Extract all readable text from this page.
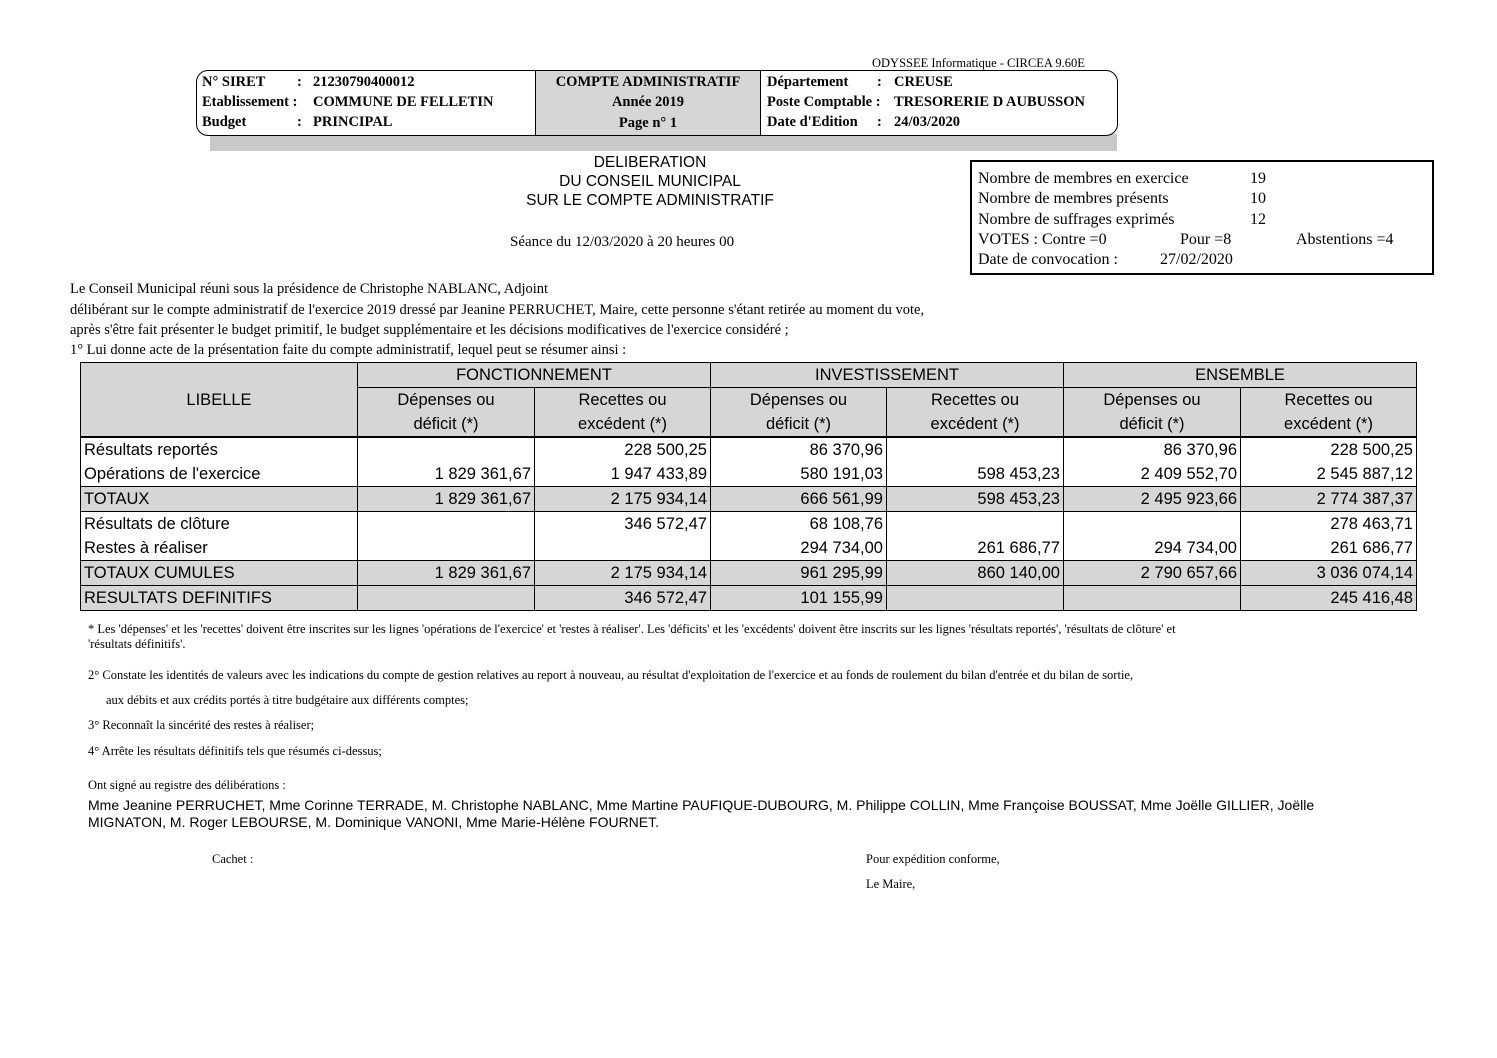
ODYSSEE Informatique - CIRCEA 9.60E
N° SIRET : 21230790400012
Etablissement : COMMUNE DE FELLETIN
Budget	: PRINCIPAL
COMPTE ADMINISTRATIF
Année 2019
Page n° 1
Département : CREUSE
Poste Comptable : TRESORERIE D AUBUSSON
Date d'Edition : 24/03/2020
DELIBERATION
DU CONSEIL MUNICIPAL
SUR LE COMPTE ADMINISTRATIF
Séance du 12/03/2020 à 20 heures 00
Nombre de membres en exercice	19
Nombre de membres présents	10
Nombre de suffrages exprimés	12
VOTES : Contre =0	Pour =8	Abstentions =4
Date de convocation :	27/02/2020
Le Conseil Municipal réuni sous la présidence de Christophe NABLANC, Adjoint
délibérant sur le compte administratif de l'exercice 2019 dressé par Jeanine PERRUCHET, Maire, cette personne s'étant retirée au moment du vote,
après s'être fait présenter le budget primitif, le budget supplémentaire et les décisions modificatives de l'exercice considéré ;
1° Lui donne acte de la présentation faite du compte administratif, lequel peut se résumer ainsi :
LIBELLE	FONCTIONNEMENT		INVESTISSEMENT		ENSEMBLE	
	Dépenses ou	Recettes ou	Dépenses ou	Recettes ou	Dépenses ou	Recettes ou
	déficit (*)	excédent (*)	déficit (*)	excédent (*)	déficit (*)	excédent (*)
Résultats reportés		228 500,25	86 370,96		86 370,96	228 500,25
Opérations de l'exercice	1 829 361,67	1 947 433,89	580 191,03	598 453,23	2 409 552,70	2 545 887,12
TOTAUX	1 829 361,67	2 175 934,14	666 561,99	598 453,23	2 495 923,66	2 774 387,37
Résultats de clôture		346 572,47	68 108,76			278 463,71
Restes à réaliser			294 734,00	261 686,77	294 734,00	261 686,77
TOTAUX CUMULES	1 829 361,67	2 175 934,14	961 295,99	860 140,00	2 790 657,66	3 036 074,14
RESULTATS DEFINITIFS		346 572,47	101 155,99			245 416,48
* Les 'dépenses' et les 'recettes' doivent être inscrites sur les lignes 'opérations de l'exercice' et 'restes à réaliser'. Les 'déficits' et les 'excédents' doivent être inscrits sur les lignes 'résultats reportés', 'résultats de clôture' et
'résultats définitifs'.
2° Constate les identités de valeurs avec les indications du compte de gestion relatives au report à nouveau, au résultat d'exploitation de l'exercice et au fonds de roulement du bilan d'entrée et du bilan de sortie,
aux débits et aux crédits portés à titre budgétaire aux différents comptes;
3° Reconnaît la sincérité des restes à réaliser;
4° Arrête les résultats définitifs tels que résumés ci-dessus;
Ont signé au registre des délibérations :
Mme Jeanine PERRUCHET, Mme Corinne TERRADE, M. Christophe NABLANC, Mme Martine PAUFIQUE-DUBOURG, M. Philippe COLLIN, Mme Françoise BOUSSAT, Mme Joëlle GILLIER, Joëlle
MIGNATON, M. Roger LEBOURSE, M. Dominique VANONI, Mme Marie-Hélène FOURNET.
Cachet :	Pour expédition conforme,
Le Maire,
